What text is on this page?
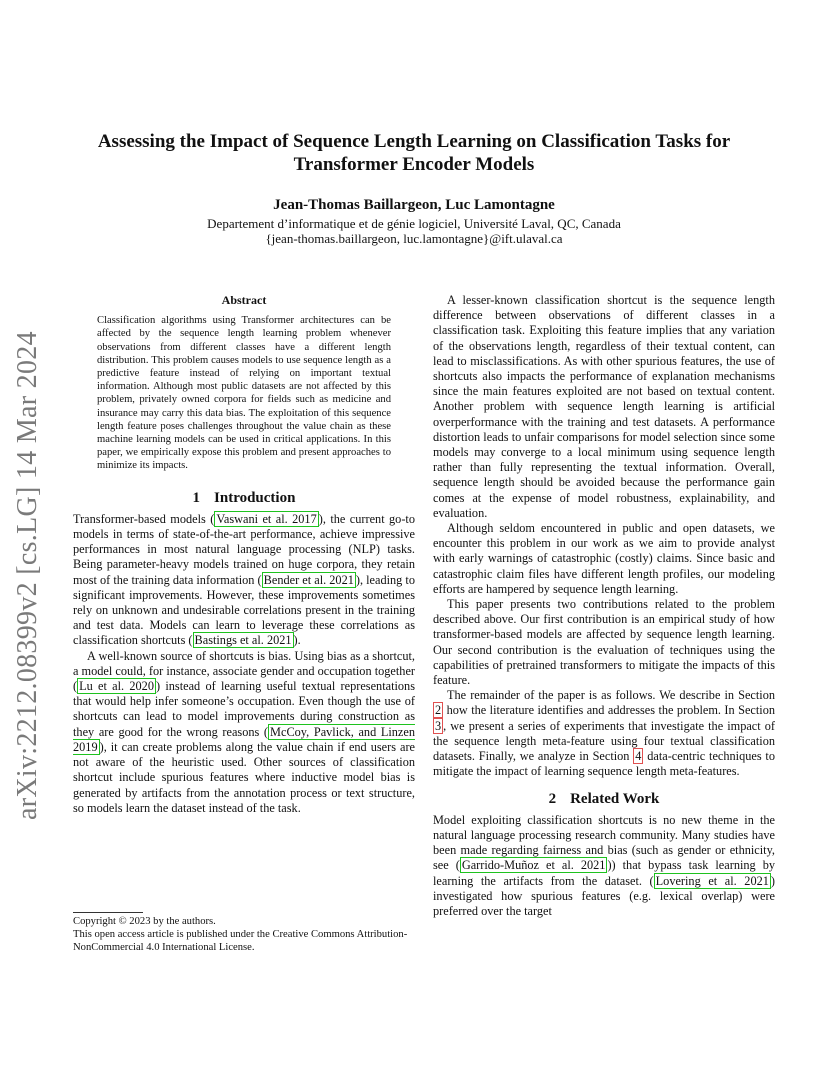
arXiv:2212.08399v2 [cs.LG] 14 Mar 2024
Assessing the Impact of Sequence Length Learning on Classification Tasks for Transformer Encoder Models
Jean-Thomas Baillargeon, Luc Lamontagne
Departement d’informatique et de génie logiciel, Université Laval, QC, Canada
{jean-thomas.baillargeon, luc.lamontagne}@ift.ulaval.ca
Abstract

Classification algorithms using Transformer architectures can be affected by the sequence length learning problem whenever observations from different classes have a different length distribution. This problem causes models to use sequence length as a predictive feature instead of relying on important textual information. Although most public datasets are not affected by this problem, privately owned corpora for fields such as medicine and insurance may carry this data bias. The exploitation of this sequence length feature poses challenges throughout the value chain as these machine learning models can be used in critical applications. In this paper, we empirically expose this problem and present approaches to minimize its impacts.

1 Introduction

Transformer-based models ( Vaswani et al. 2017 ), the current go-to models in terms of state-of-the-art performance, achieve impressive performances in most natural language processing (NLP) tasks. Being parameter-heavy models trained on huge corpora, they retain most of the training data information ( Bender et al. 2021 ), leading to significant improvements. However, these improvements sometimes rely on unknown and undesirable correlations present in the training and test data. Models can learn to leverage these correlations as classification shortcuts ( Bastings et al. 2021 ).

A well-known source of shortcuts is bias. Using bias as a shortcut, a model could, for instance, associate gender and occupation together ( Lu et al. 2020 ) instead of learning useful textual representations that would help infer someone’s occupation. Even though the use of shortcuts can lead to model improvements during construction as they are good for the wrong reasons ( McCoy, Pavlick, and Linzen 2019 ), it can create problems along the value chain if end users are not aware of the heuristic used. Other sources of classification shortcut include spurious features where inductive model bias is generated by artifacts from the annotation process or text structure, so models learn the dataset instead of the task.

Copyright © 2023 by the authors.
This open access article is published under the Creative Commons Attribution-NonCommercial 4.0 International License.

A lesser-known classification shortcut is the sequence length difference between observations of different classes in a classification task. Exploiting this feature implies that any variation of the observations length, regardless of their textual content, can lead to misclassifications. As with other spurious features, the use of shortcuts also impacts the performance of explanation mechanisms since the main features exploited are not based on textual content. Another problem with sequence length learning is artificial overperformance with the training and test datasets. A performance distortion leads to unfair comparisons for model selection since some models may converge to a local minimum using sequence length rather than fully representing the textual information. Overall, sequence length should be avoided because the performance gain comes at the expense of model robustness, explainability, and evaluation.

Although seldom encountered in public and open datasets, we encounter this problem in our work as we aim to provide analyst with early warnings of catastrophic (costly) claims. Since basic and catastrophic claim files have different length profiles, our modeling efforts are hampered by sequence length learning.

This paper presents two contributions related to the problem described above. Our first contribution is an empirical study of how transformer-based models are affected by sequence length learning. Our second contribution is the evaluation of techniques using the capabilities of pretrained transformers to mitigate the impacts of this feature.

The remainder of the paper is as follows. We describe in Section 2 how the literature identifies and addresses the problem. In Section 3 , we present a series of experiments that investigate the impact of the sequence length meta-feature using four textual classification datasets. Finally, we analyze in Section 4 data-centric techniques to mitigate the impact of learning sequence length meta-features.

2 Related Work

Model exploiting classification shortcuts is no new theme in the natural language processing research community. Many studies have been made regarding fairness and bias (such as gender or ethnicity, see ( Garrido-Muñoz et al. 2021 )) that bypass task learning by learning the artifacts from the dataset. ( Lovering et al. 2021 ) investigated how spurious features (e.g. lexical overlap) were preferred over the target
